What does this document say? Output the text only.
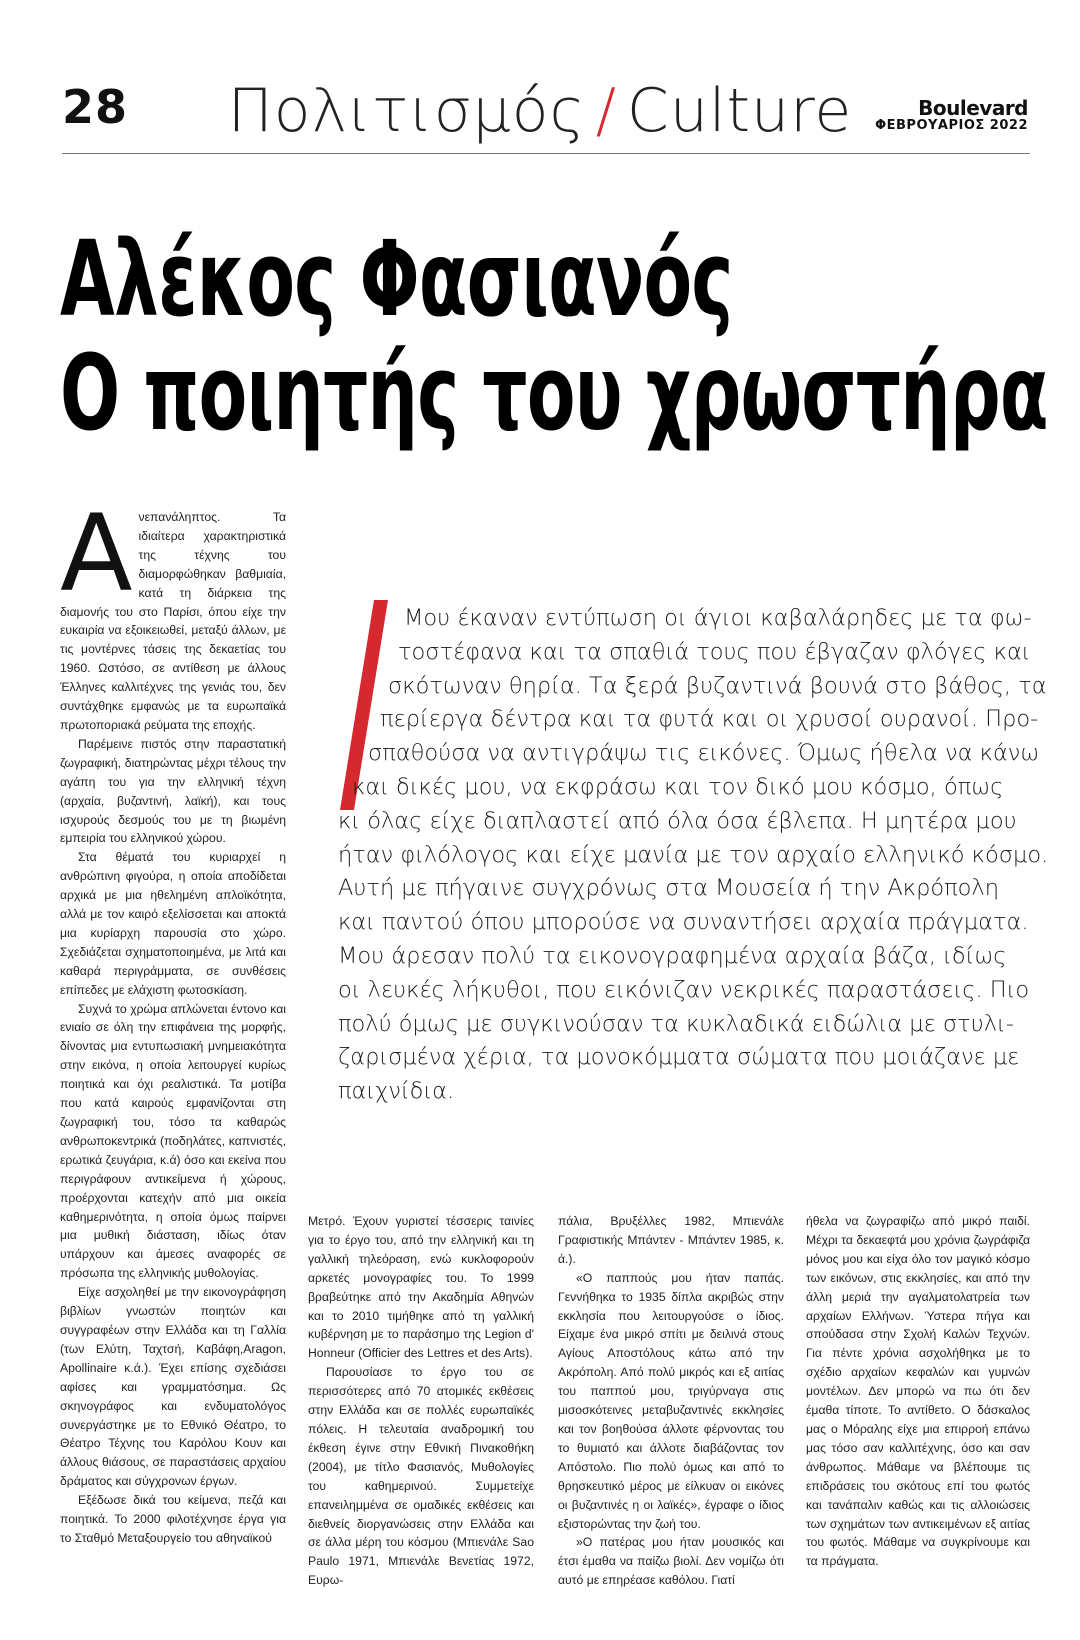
28	Πολιτισμός / Culture	Boulevard
ΦΕΒΡΟΥΑΡΙΟΣ 2022
Αλέκος Φασιανός
Ο ποιητής του χρωστήρα
Α νεπανάληπτος. Τα ιδιαίτερα χαρακτηριστικά της τέχνης του διαμορφώθηκαν βαθμιαία, κατά τη διάρκεια της διαμονής του στο Παρίσι, όπου είχε την ευκαιρία να εξοικειωθεί, μεταξύ άλλων, με τις μοντέρνες τάσεις της δεκαετίας του 1960. Ωστόσο, σε αντίθεση με άλλους Έλληνες καλλιτέχνες της γενιάς του, δεν συντάχθηκε εμφανώς με τα ευρωπαϊκά πρωτοποριακά ρεύματα της εποχής.

Παρέμεινε πιστός στην παραστατική ζωγραφική, διατηρώντας μέχρι τέλους την αγάπη του για την ελληνική τέχνη (αρχαία, βυζαντινή, λαϊκή), και τους ισχυρούς δεσμούς του με τη βιωμένη εμπειρία του ελληνικού χώρου.

Στα θέματά του κυριαρχεί η ανθρώπινη φιγούρα, η οποία αποδίδεται αρχικά με μια ηθελημένη απλοϊκότητα, αλλά με τον καιρό εξελίσσεται και αποκτά μια κυρίαρχη παρουσία στο χώρο. Σχεδιάζεται σχηματοποιημένα, με λιτά και καθαρά περιγράμματα, σε συνθέσεις επίπεδες με ελάχιστη φωτοσκίαση.

Συχνά το χρώμα απλώνεται έντονο και ενιαίο σε όλη την επιφάνεια της μορφής, δίνοντας μια εντυπωσιακή μνημειακότητα στην εικόνα, η οποία λειτουργεί κυρίως ποιητικά και όχι ρεαλιστικά. Τα μοτίβα που κατά καιρούς εμφανίζονται στη ζωγραφική του, τόσο τα καθαρώς ανθρωποκεντρικά (ποδηλάτες, καπνιστές, ερωτικά ζευγάρια, κ.ά) όσο και εκείνα που περιγράφουν αντικείμενα ή χώρους, προέρχονται κατεχήν από μια οικεία καθημερινότητα, η οποία όμως παίρνει μια μυθική διάσταση, ιδίως όταν υπάρχουν και άμεσες αναφορές σε πρόσωπα της ελληνικής μυθολογίας.

Είχε ασχοληθεί με την εικονογράφηση βιβλίων γνωστών ποιητών και συγγραφέων στην Ελλάδα και τη Γαλλία (των Ελύτη, Ταχτσή, Καβάφη,Aragon, Apollinaire κ.ά.). Έχει επίσης σχεδιάσει αφίσες και γραμματόσημα. Ως σκηνογράφος και ενδυματολόγος συνεργάστηκε με το Εθνικό Θέατρο, το Θέατρο Τέχνης του Καρόλου Κουν και άλλους θιάσους, σε παραστάσεις αρχαίου δράματος και σύγχρονων έργων.

Εξέδωσε δικά του κείμενα, πεζά και ποιητικά. Το 2000 φιλοτέχνησε έργα για το Σταθμό Μεταξουργείο του αθηναϊκού

Μου έκαναν εντύπωση οι άγιοι καβαλάρηδες με τα φω-
τοστέφανα και τα σπαθιά τους που έβγαζαν φλόγες και
σκότωναν θηρία. Τα ξερά βυζαντινά βουνά στο βάθος, τα
περίεργα δέντρα και τα φυτά και οι χρυσοί ουρανοί. Προ-
σπαθούσα να αντιγράψω τις εικόνες. Όμως ήθελα να κάνω
και δικές μου, να εκφράσω και τον δικό μου κόσμο, όπως
κι όλας είχε διαπλαστεί από όλα όσα έβλεπα. Η μητέρα μου
ήταν φιλόλογος και είχε μανία με τον αρχαίο ελληνικό κόσμο.
Αυτή με πήγαινε συγχρόνως στα Μουσεία ή την Ακρόπολη
και παντού όπου μπορούσε να συναντήσει αρχαία πράγματα.
Μου άρεσαν πολύ τα εικονογραφημένα αρχαία βάζα, ιδίως
οι λευκές λήκυθοι, που εικόνιζαν νεκρικές παραστάσεις. Πιο
πολύ όμως με συγκινούσαν τα κυκλαδικά ειδώλια με στυλι-
ζαρισμένα χέρια, τα μονοκόμματα σώματα που μοιάζανε με
παιχνίδια.

Μετρό. Έχουν γυριστεί τέσσερις ταινίες για το έργο του, από την ελληνική και τη γαλλική τηλεόραση, ενώ κυκλοφορούν αρκετές μονογραφίες του. Το 1999 βραβεύτηκε από την Ακαδημία Αθηνών και το 2010 τιμήθηκε από τη γαλλική κυβέρνηση με το παράσημο της Legion d' Honneur (Officier des Lettres et des Arts).

Παρουσίασε το έργο του σε περισσότερες από 70 ατομικές εκθέσεις στην Ελλάδα και σε πολλές ευρωπαϊκές πόλεις. Η τελευταία αναδρομική του έκθεση έγινε στην Εθνική Πινακοθήκη (2004), με τίτλο Φασιανός, Μυθολογίες του καθημερινού. Συμμετείχε επανειλημμένα σε ομαδικές εκθέσεις και διεθνείς διοργανώσεις στην Ελλάδα και σε άλλα μέρη του κόσμου (Μπιενάλε Sao Paulo 1971, Μπιενάλε Βενετίας 1972, Ευρω-

πάλια, Βρυξέλλες 1982, Μπιενάλε Γραφιστικής Μπάντεν - Μπάντεν 1985, κ. ά.).

«Ο παππούς μου ήταν παπάς. Γεννήθηκα το 1935 δίπλα ακριβώς στην εκκλησία που λειτουργούσε ο ίδιος. Είχαμε ένα μικρό σπίτι με δειλινά στους Αγίους Αποστόλους κάτω από την Ακρόπολη. Από πολύ μικρός και εξ αιτίας του παππού μου, τριγύρναγα στις μισοσκότεινες μεταβυζαντινές εκκλησίες και τον βοηθούσα άλλοτε φέρνοντας του το θυμιατό και άλλοτε διαβάζοντας τον Απόστολο. Πιο πολύ όμως και από το θρησκευτικό μέρος με είλκυαν οι εικόνες οι βυζαντινές η οι λαϊκές», έγραφε ο ίδιος εξιστορώντας την ζωή του.

»Ο πατέρας μου ήταν μουσικός και έτσι έμαθα να παίζω βιολί. Δεν νομίζω ότι αυτό με επηρέασε καθόλου. Γιατί

ήθελα να ζωγραφίζω από μικρό παιδί. Μέχρι τα δεκαεφτά μου χρόνια ζωγράφιζα μόνος μου και είχα όλο τον μαγικό κόσμο των εικόνων, στις εκκλησίες, και από την άλλη μεριά την αγαλματολατρεία των αρχαίων Ελλήνων. Ύστερα πήγα και σπούδασα στην Σχολή Καλών Τεχνών. Για πέντε χρόνια ασχολήθηκα με το σχέδιο αρχαίων κεφαλών και γυμνών μοντέλων. Δεν μπορώ να πω ότι δεν έμαθα τίποτε. Το αντίθετο. Ο δάσκαλος μας ο Μόραλης είχε μια επιρροή επάνω μας τόσο σαν καλλιτέχνης, όσο και σαν άνθρωπος. Μάθαμε να βλέπουμε τις επιδράσεις του σκότους επί του φωτός και τανάπαλιν καθώς και τις αλλοιώσεις των σχημάτων των αντικειμένων εξ αιτίας του φωτός. Μάθαμε να συγκρίνουμε και τα πράγματα.
